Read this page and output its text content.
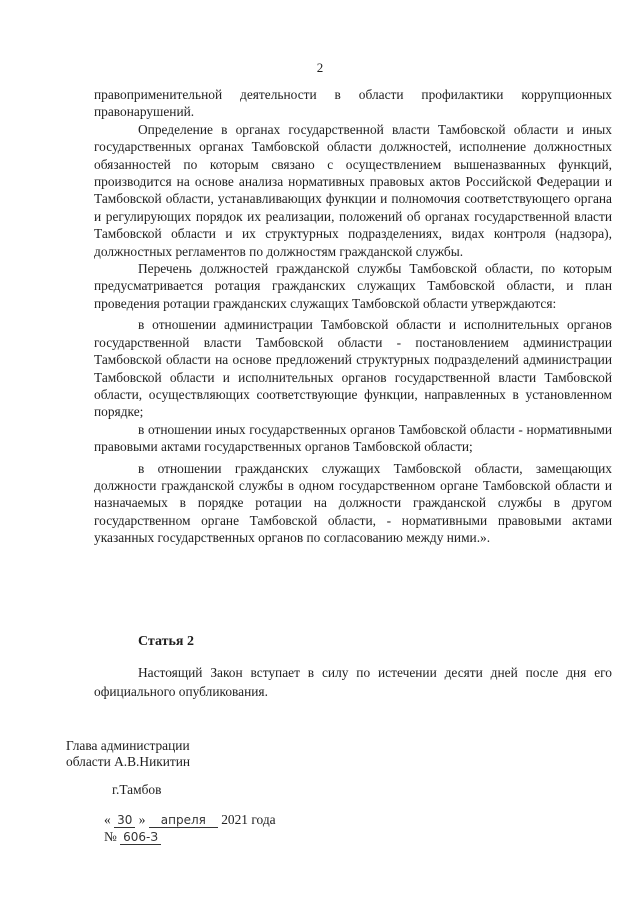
2

правоприменительной деятельности в области профилактики коррупционных правонарушений.

Определение в органах государственной власти Тамбовской области и иных государственных органах Тамбовской области должностей, исполнение должностных обязанностей по которым связано с осуществлением вышеназванных функций, производится на основе анализа нормативных правовых актов Российской Федерации и Тамбовской области, устанавливающих функции и полномочия соответствующего органа и регулирующих порядок их реализации, положений об органах государственной власти Тамбовской области и их структурных подразделениях, видах контроля (надзора), должностных регламентов по должностям гражданской службы.

Перечень должностей гражданской службы Тамбовской области, по которым предусматривается ротация гражданских служащих Тамбовской области, и план проведения ротации гражданских служащих Тамбовской области утверждаются:

в отношении администрации Тамбовской области и исполнительных органов государственной власти Тамбовской области - постановлением администрации Тамбовской области на основе предложений структурных подразделений администрации Тамбовской области и исполнительных органов государственной власти Тамбовской области, осуществляющих соответствующие функции, направленных в установленном порядке;

в отношении иных государственных органов Тамбовской области - нормативными правовыми актами государственных органов Тамбовской области;

в отношении гражданских служащих Тамбовской области, замещающих должности гражданской службы в одном государственном органе Тамбовской области и назначаемых в порядке ротации на должности гражданской службы в другом государственном органе Тамбовской области, - нормативными правовыми актами указанных государственных органов по согласованию между ними.».

Статья 2

Настоящий Закон вступает в силу по истечении десяти дней после дня его официального опубликования.

Глава администрации
области А.В.Никитин
г.Тамбов
« 30 » апреля 2021 года
№ 606-З
